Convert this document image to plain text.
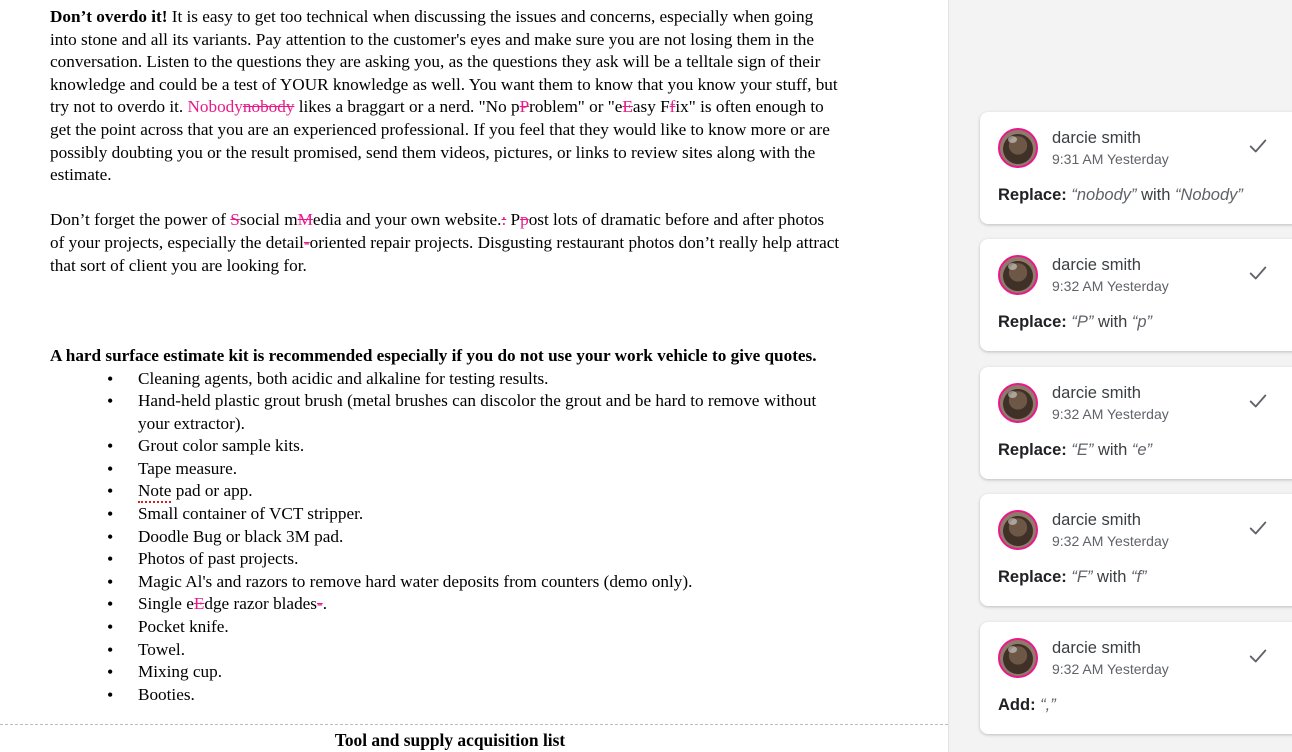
Don’t overdo it! It is easy to get too technical when discussing the issues and concerns, especially when going into stone and all its variants. Pay attention to the customer's eyes and make sure you are not losing them in the conversation. Listen to the questions they are asking you, as the questions they ask will be a telltale sign of their knowledge and could be a test of YOUR knowledge as well. You want them to know that you know your stuff, but try not to overdo it. Nobodynobody likes a braggart or a nerd. "No pProblem" or "eEasy Ffix" is often enough to get the point across that you are an experienced professional. If you feel that they would like to know more or are possibly doubting you or the result promised, send them videos, pictures, or links to review sites along with the estimate.

Don’t forget the power of Ssocial mMedia and your own website.: Ppost lots of dramatic before and after photos of your projects, especially the detail-oriented repair projects. Disgusting restaurant photos don’t really help attract that sort of client you are looking for.

A hard surface estimate kit is recommended especially if you do not use your work vehicle to give quotes.

• Cleaning agents, both acidic and alkaline for testing results.
• Hand-held plastic grout brush (metal brushes can discolor the grout and be hard to remove without your extractor).
• Grout color sample kits.
• Tape measure.
• Note pad or app.
• Small container of VCT stripper.
• Doodle Bug or black 3M pad.
• Photos of past projects.
• Magic Al's and razors to remove hard water deposits from counters (demo only).
• Single eEdge razor blades-.
• Pocket knife.
• Towel.
• Mixing cup.
• Booties.
Tool and supply acquisition list
darcie smith
9:31 AM Yesterday
Replace: “nobody” with “Nobody”
darcie smith
9:32 AM Yesterday
Replace: “P” with “p”
darcie smith
9:32 AM Yesterday
Replace: “E” with “e”
darcie smith
9:32 AM Yesterday
Replace: “F” with “f”
darcie smith
9:32 AM Yesterday
Add: “,”
